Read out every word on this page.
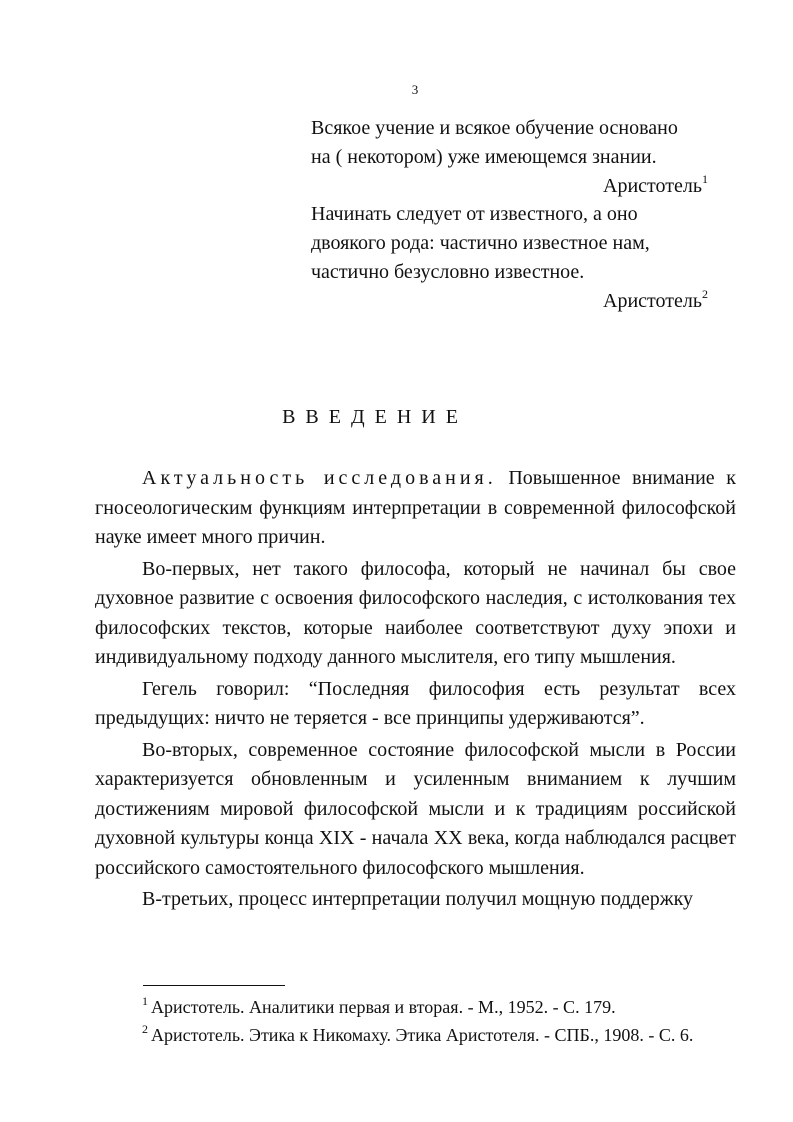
3

Всякое учение и всякое обучение основано

на ( некотором) уже имеющемся знании.

Аристотель$^1$

Начинать следует от известного, а оно

двоякого рода: частично известное нам,

частично безусловно известное.

Аристотель$^2$
ВВЕДЕНИЕ

Актуальность исследования. Повышенное внимание к гносеологическим функциям интерпретации в современной философской науке имеет много причин.

Во-первых, нет такого философа, который не начинал бы свое духовное развитие с освоения философского наследия, с истолкования тех философских текстов, которые наиболее соответствуют духу эпохи и индивидуальному подходу данного мыслителя, его типу мышления.

Гегель говорил: “Последняя философия есть результат всех предыдущих: ничто не теряется - все принципы удерживаются”.

Во-вторых, современное состояние философской мысли в России характеризуется обновленным и усиленным вниманием к лучшим достижениям мировой философской мысли и к традициям российской духовной культуры конца XIX - начала XX века, когда наблюдался расцвет российского самостоятельного философского мышления.

В-третьих, процесс интерпретации получил мощную поддержку

$^1$ Аристотель. Аналитики первая и вторая. - М., 1952. - С. 179.

$^2$ Аристотель. Этика к Никомаху. Этика Аристотеля. - СПБ., 1908. - С. 6.
